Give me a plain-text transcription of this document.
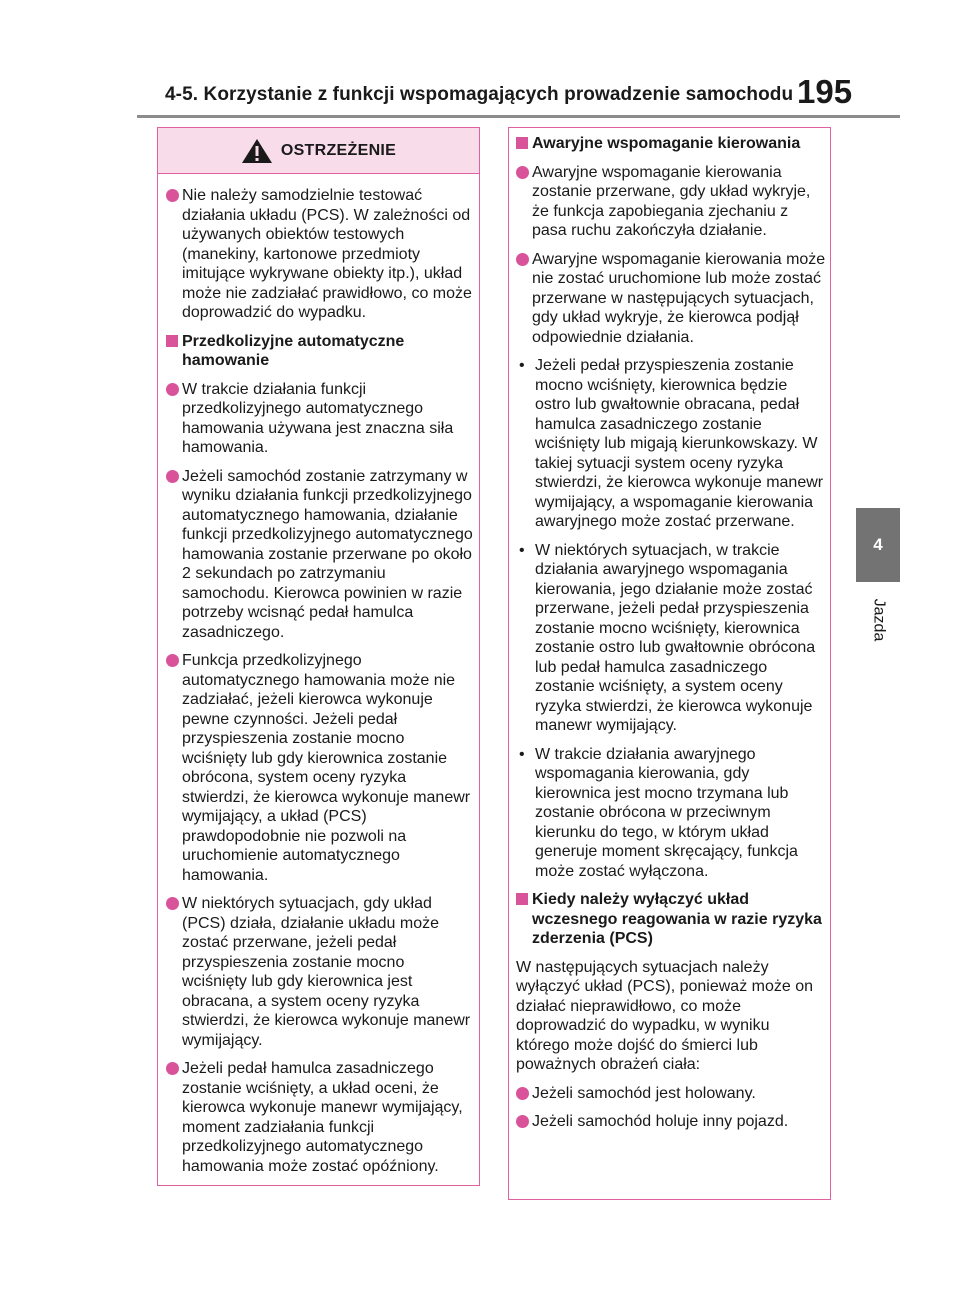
4-5. Korzystanie z funkcji wspomagających prowadzenie samochodu 195
4
Jazda
OSTRZEŻENIE
Nie należy samodzielnie testować działania układu (PCS). W zależności od używanych obiektów testowych (manekiny, kartonowe przedmioty imitujące wykrywane obiekty itp.), układ może nie zadziałać prawidłowo, co może doprowadzić do wypadku.
Przedkolizyjne automatyczne hamowanie
W trakcie działania funkcji przedkolizyjnego automatycznego hamowania używana jest znaczna siła hamowania.
Jeżeli samochód zostanie zatrzymany w wyniku działania funkcji przedkolizyjnego automatycznego hamowania, działanie funkcji przedkolizyjnego automatycznego hamowania zostanie przerwane po około 2 sekundach po zatrzymaniu samochodu. Kierowca powinien w razie potrzeby wcisnąć pedał hamulca zasadniczego.
Funkcja przedkolizyjnego automatycznego hamowania może nie zadziałać, jeżeli kierowca wykonuje pewne czynności. Jeżeli pedał przyspieszenia zostanie mocno wciśnięty lub gdy kierownica zostanie obrócona, system oceny ryzyka stwierdzi, że kierowca wykonuje manewr wymijający, a układ (PCS) prawdopodobnie nie pozwoli na uruchomienie automatycznego hamowania.
W niektórych sytuacjach, gdy układ (PCS) działa, działanie układu może zostać przerwane, jeżeli pedał przyspieszenia zostanie mocno wciśnięty lub gdy kierownica jest obracana, a system oceny ryzyka stwierdzi, że kierowca wykonuje manewr wymijający.
Jeżeli pedał hamulca zasadniczego zostanie wciśnięty, a układ oceni, że kierowca wykonuje manewr wymijający, moment zadziałania funkcji przedkolizyjnego automatycznego hamowania może zostać opóźniony.
Awaryjne wspomaganie kierowania
Awaryjne wspomaganie kierowania zostanie przerwane, gdy układ wykryje, że funkcja zapobiegania zjechaniu z pasa ruchu zakończyła działanie.
Awaryjne wspomaganie kierowania może nie zostać uruchomione lub może zostać przerwane w następujących sytuacjach, gdy układ wykryje, że kierowca podjął odpowiednie działania.
• Jeżeli pedał przyspieszenia zostanie mocno wciśnięty, kierownica będzie ostro lub gwałtownie obracana, pedał hamulca zasadniczego zostanie wciśnięty lub migają kierunkowskazy. W takiej sytuacji system oceny ryzyka stwierdzi, że kierowca wykonuje manewr wymijający, a wspomaganie kierowania awaryjnego może zostać przerwane.
• W niektórych sytuacjach, w trakcie działania awaryjnego wspomagania kierowania, jego działanie może zostać przerwane, jeżeli pedał przyspieszenia zostanie mocno wciśnięty, kierownica zostanie ostro lub gwałtownie obrócona lub pedał hamulca zasadniczego zostanie wciśnięty, a system oceny ryzyka stwierdzi, że kierowca wykonuje manewr wymijający.
• W trakcie działania awaryjnego wspomagania kierowania, gdy kierownica jest mocno trzymana lub zostanie obrócona w przeciwnym kierunku do tego, w którym układ generuje moment skręcający, funkcja może zostać wyłączona.
Kiedy należy wyłączyć układ wczesnego reagowania w razie ryzyka zderzenia (PCS)
W następujących sytuacjach należy wyłączyć układ (PCS), ponieważ może on działać nieprawidłowo, co może doprowadzić do wypadku, w wyniku którego może dojść do śmierci lub poważnych obrażeń ciała:
Jeżeli samochód jest holowany.
Jeżeli samochód holuje inny pojazd.
